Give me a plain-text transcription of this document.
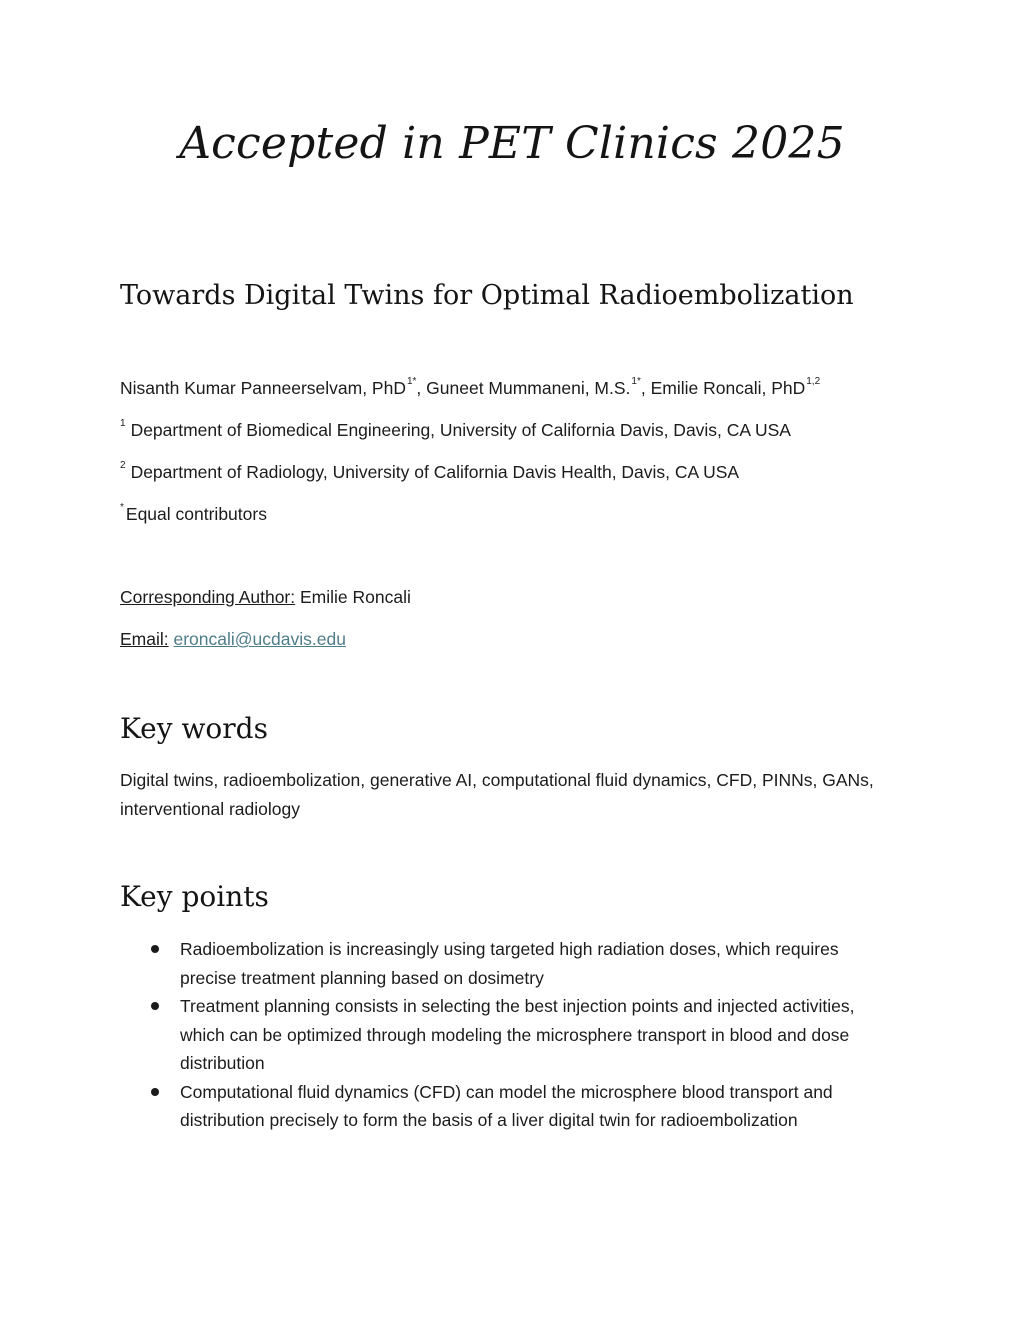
Accepted in PET Clinics 2025
Towards Digital Twins for Optimal Radioembolization
Nisanth Kumar Panneerselvam, PhD$^{1*}$, Guneet Mummaneni, M.S.$^{1*}$, Emilie Roncali, PhD$^{1,2}$
$^1$ Department of Biomedical Engineering, University of California Davis, Davis, CA USA
$^2$ Department of Radiology, University of California Davis Health, Davis, CA USA
* Equal contributors
Corresponding Author: Emilie Roncali
Email: eroncali@ucdavis.edu
Key words
Digital twins, radioembolization, generative AI, computational fluid dynamics, CFD, PINNs, GANs, interventional radiology
Key points
Radioembolization is increasingly using targeted high radiation doses, which requires precise treatment planning based on dosimetry
Treatment planning consists in selecting the best injection points and injected activities, which can be optimized through modeling the microsphere transport in blood and dose distribution
Computational fluid dynamics (CFD) can model the microsphere blood transport and distribution precisely to form the basis of a liver digital twin for radioembolization
